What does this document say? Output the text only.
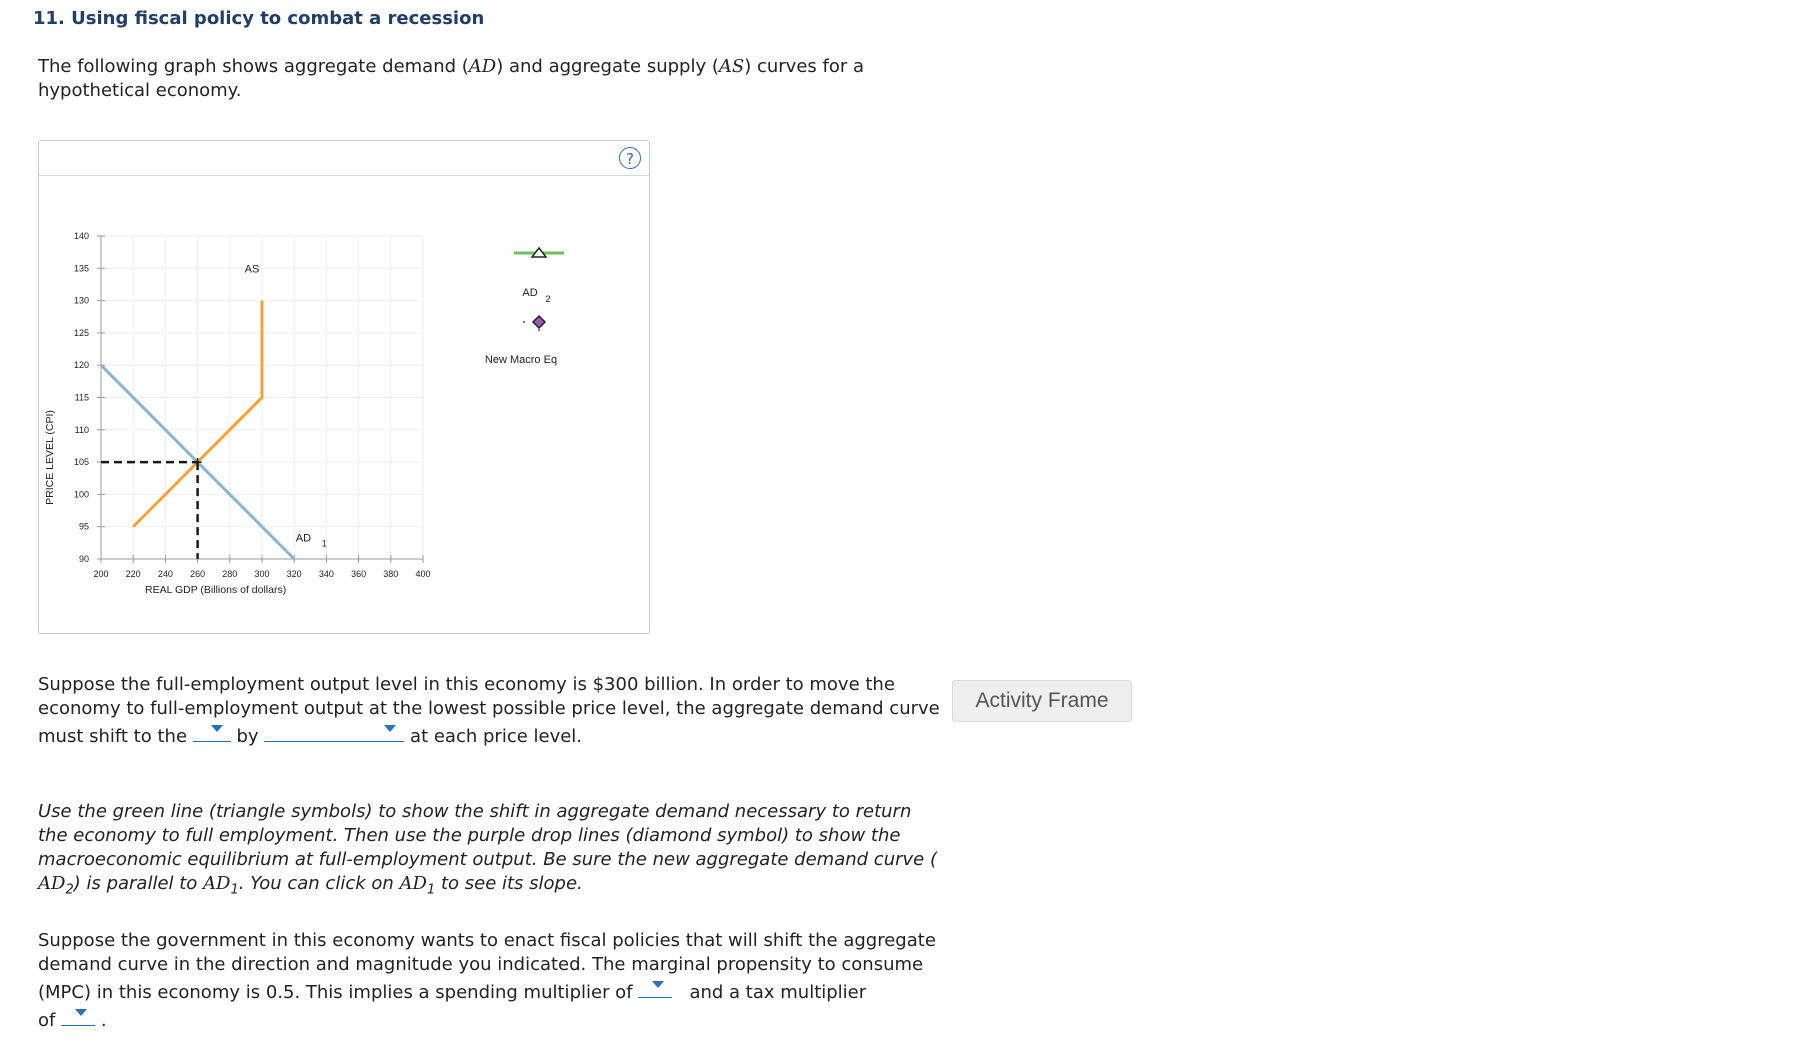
11. Using fiscal policy to combat a recession
The following graph shows aggregate demand (AD) and aggregate supply (AS) curves for a
hypothetical economy.
?
140
135
130
125
120
115
110
105
100
95
90
200 220 240 260 280 300 320 340 360 380 400
REAL GDP (Billions of dollars)
PRICE LEVEL (CPI)
AS
AD 1
AD 2
New Macro Eq
Suppose the full-employment output level in this economy is $300 billion. In order to move the
economy to full-employment output at the lowest possible price level, the aggregate demand curve
must shift to the	by	at each price level.
Activity Frame
Use the green line (triangle symbols) to show the shift in aggregate demand necessary to return
the economy to full employment. Then use the purple drop lines (diamond symbol) to show the
macroeconomic equilibrium at full-employment output. Be sure the new aggregate demand curve (
$AD_2$) is parallel to $AD_1$. You can click on $AD_1$ to see its slope.
Suppose the government in this economy wants to enact fiscal policies that will shift the aggregate
demand curve in the direction and magnitude you indicated. The marginal propensity to consume
(MPC) in this economy is 0.5. This implies a spending multiplier of	and a tax multiplier
of	.
